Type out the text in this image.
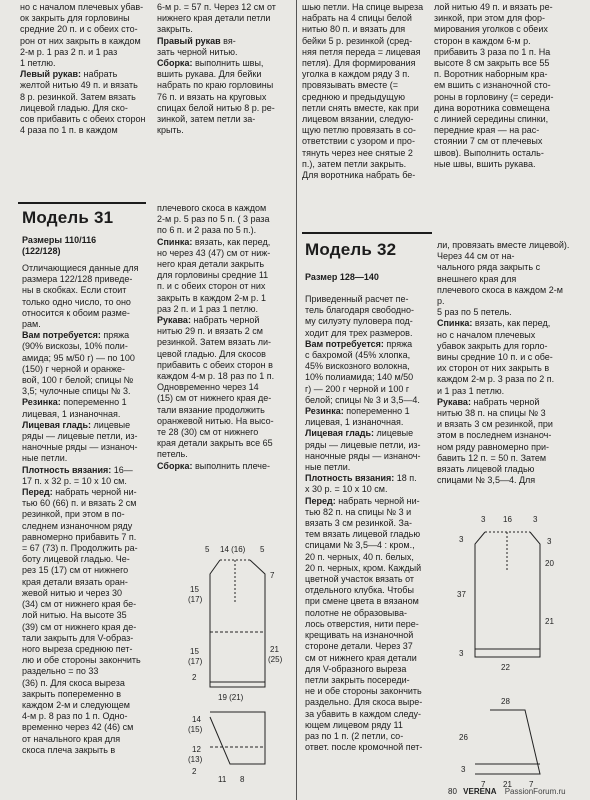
но с началом плечевых убав-

ок закрыть для горловины

средние 20 п. и с обеих сто-

рон от них закрыть в каждом

2-м р. 1 раз 2 п. и 1 раз

1 петлю.

Левый рукав: набрать

желтой нитью 49 п. и вязать

8 р. резинкой. Затем вязать

лицевой гладью. Для ско-

сов прибавить с обеих сторон

4 раза по 1 п. в каждом

6-м р. = 57 п. Через 12 см от

нижнего края детали петли

закрыть.

Правый рукав вя-

зать черной нитью.

Сборка: выполнить швы,

вшить рукава. Для бейки

набрать по краю горловины

76 п. и вязать на круговых

спицах белой нитью 8 р. ре-

зинкой, затем петли за-

крыть.

шью петли. На спице выреза

набрать на 4 спицы белой

нитью 80 п. и вязать для

бейки 5 р. резинкой (сред-

няя петля переда = лицевая

петля). Для формирования

уголка в каждом ряду 3 п.

провязывать вместе (=

среднюю и предыдущую

петли снять вместе, как при

лицевом вязании, следую-

щую петлю провязать в со-

ответствии с узором и про-

тянуть через нее снятые 2

п.), затем петли закрыть.

Для воротника набрать бе-

лой нитью 49 п. и вязать ре-

зинкой, при этом для фор-

мирования уголков с обеих

сторон в каждом 6-м р.

прибавить 3 раза по 1 п. На

высоте 8 см закрыть все 55

п. Воротник наборным кра-

ем вшить с изнаночной сто-

роны в горловину (= середи-

дина воротника совмещена

с линией середины спинки,

передние края — на рас-

стоянии 7 см от плечевых

швов). Выполнить осталь-

ные швы, вшить рукава.

Модель 31
Размеры 110/116
(122/128)

Отличающиеся данные для

размера 122/128 приведе-

ны в скобках. Если стоит

только одно число, то оно

относится к обоим разме-

рам.

Вам потребуется: пряжа

(90% вискозы, 10% поли-

амида; 95 м/50 г) — по 100

(150) г черной и оранже-

вой, 100 г белой; спицы №

3,5; чулочные спицы № 3.

Резинка: попеременно 1

лицевая, 1 изнаночная.

Лицевая гладь: лицевые

ряды — лицевые петли, из-

наночные ряды — изнаноч-

ные петли.

Плотность вязания: 16—

17 п. х 32 р. = 10 х 10 см.

Перед: набрать черной ни-

тью 60 (66) п. и вязать 2 см

резинкой, при этом в по-

следнем изнаночном ряду

равномерно прибавить 7 п.

= 67 (73) п. Продолжить ра-

боту лицевой гладью. Че-

рез 15 (17) см от нижнего

края детали вязать оран-

жевой нитью и через 30

(34) см от нижнего края бе-

лой нитью. На высоте 35

(39) см от нижнего края де-

тали закрыть для V-образ-

ного выреза среднюю пет-

лю и обе стороны закончить

раздельно = по 33

(36) п. Для скоса выреза

закрыть попеременно в

каждом 2-м и следующем

4-м р. 8 раз по 1 п. Одно-

временно через 42 (46) см

от начального края для

скоса плеча закрыть в

плечевого скоса в каждом

2-м р. 5 раз по 5 п. ( 3 раза

по 6 п. и 2 раза по 5 п.).

Спинка: вязать, как перед,

но через 43 (47) см от ниж-

него края детали закрыть

для горловины средние 11

п. и с обеих сторон от них

закрыть в каждом 2-м р. 1

раз 2 п. и 1 раз 1 петлю.

Рукава: набрать черной

нитью 29 п. и вязать 2 см

резинкой. Затем вязать ли-

цевой гладью. Для скосов

прибавить с обеих сторон в

каждом 4-м р. 18 раз по 1 п.

Одновременно через 14

(15) см от нижнего края де-

тали вязание продолжить

оранжевой нитью. На высо-

те 28 (30) см от нижнего

края детали закрыть все 65

петель.

Сборка: выполнить плече-

Модель 32
Размер 128—140

Приведенный расчет пе-

тель благодаря свободно-

му силуэту пуловера под-

ходит для трех размеров.

Вам потребуется: пряжа

с бахромой (45% хлопка,

45% вискозного волокна,

10% полиамида; 140 м/50

г) — 200 г черной и 100 г

белой; спицы № 3 и 3,5—4.

Резинка: попеременно 1

лицевая, 1 изнаночная.

Лицевая гладь: лицевые

ряды — лицевые петли, из-

наночные ряды — изнаноч-

ные петли.

Плотность вязания: 18 п.

х 30 р. = 10 х 10 см.

Перед: набрать черной ни-

тью 82 п. на спицы № 3 и

вязать 3 см резинкой. За-

тем вязать лицевой гладью

спицами № 3,5—4 : кром.,

20 п. черных, 40 п. белых,

20 п. черных, кром. Каждый

цветной участок вязать от

отдельного клубка. Чтобы

при смене цвета в вязаном

полотне не образовыва-

лось отверстия, нити пере-

крещивать на изнаночной

стороне детали. Через 37

см от нижнего края детали

для V-образного выреза

петли закрыть посереди-

не и обе стороны закончить

раздельно. Для скоса выре-

за убавить в каждом следу-

ющем лицевом ряду 11

раз по 1 п. (2 петли, со-

ответ. после кромочной пет-

ли, провязать вместе лицевой).

Через 44 см от на-

чального ряда закрыть с

внешнего края для

плечевого скоса в каждом 2-м р.

5 раз по 5 петель.

Спинка: вязать, как перед,

но с началом плечевых

убавок закрыть для горло-

вины средние 10 п. и с обе-

их сторон от них закрыть в

каждом 2-м р. 3 раза по 2 п.

и 1 раз 1 петлю.

Рукава: набрать черной

нитью 38 п. на спицы № 3

и вязать 3 см резинкой, при

этом в последнем изнаноч-

ном ряду равномерно при-

бавить 12 п. = 50 п. Затем

вязать лицевой гладью

спицами № 3,5—4. Для

5 14 (16) 5
15
(17)
15
(17)
2
7
21
(25)
19 (21)
14
(15)
12
(13)
2
11 8
3 16	3
3
37
3
3
20
21
22
28
26
3
7 21 7
80 VERENA PassionForum.ru
